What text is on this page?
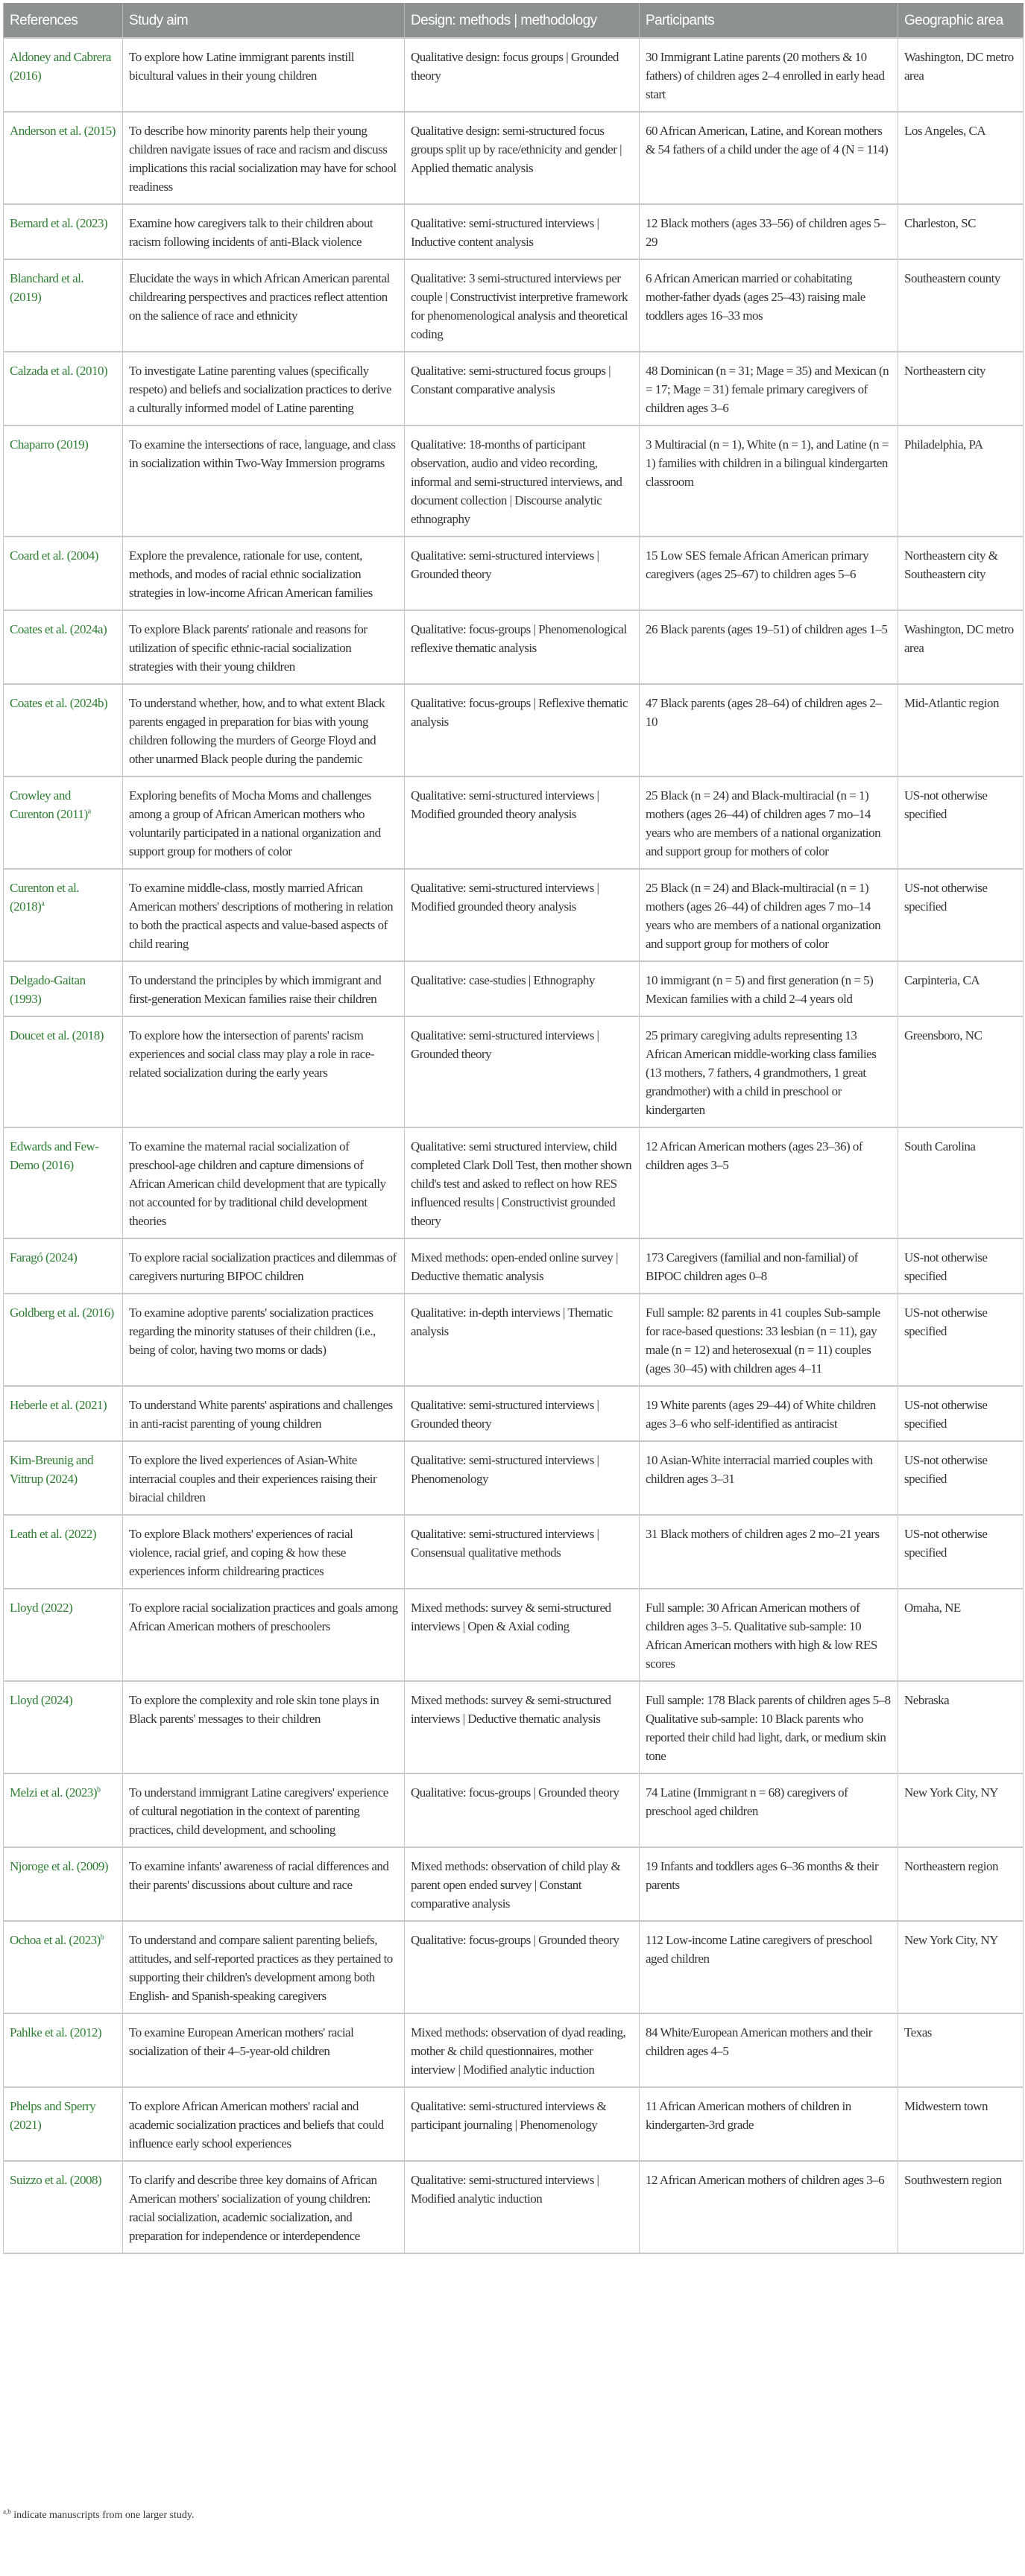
References	Study aim	Design: methods | methodology	Participants	Geographic area
Aldoney and Cabrera (2016)	To explore how Latine immigrant parents instill bicultural values in their young children	Qualitative design: focus groups | Grounded theory	30 Immigrant Latine parents (20 mothers & 10 fathers) of children ages 2–4 enrolled in early head start	Washington, DC metro area
Anderson et al. (2015)	To describe how minority parents help their young children navigate issues of race and racism and discuss implications this racial socialization may have for school readiness	Qualitative design: semi-structured focus groups split up by race/ethnicity and gender | Applied thematic analysis	60 African American, Latine, and Korean mothers & 54 fathers of a child under the age of 4 (N = 114)	Los Angeles, CA
Bernard et al. (2023)	Examine how caregivers talk to their children about racism following incidents of anti-Black violence	Qualitative: semi-structured interviews | Inductive content analysis	12 Black mothers (ages 33–56) of children ages 5–29	Charleston, SC
Blanchard et al. (2019)	Elucidate the ways in which African American parental childrearing perspectives and practices reflect attention on the salience of race and ethnicity	Qualitative: 3 semi-structured interviews per couple | Constructivist interpretive framework for phenomenological analysis and theoretical coding	6 African American married or cohabitating mother-father dyads (ages 25–43) raising male toddlers ages 16–33 mos	Southeastern county
Calzada et al. (2010)	To investigate Latine parenting values (specifically respeto) and beliefs and socialization practices to derive a culturally informed model of Latine parenting	Qualitative: semi-structured focus groups | Constant comparative analysis	48 Dominican (n = 31; Mage = 35) and Mexican (n = 17; Mage = 31) female primary caregivers of children ages 3–6	Northeastern city
Chaparro (2019)	To examine the intersections of race, language, and class in socialization within Two-Way Immersion programs	Qualitative: 18-months of participant observation, audio and video recording, informal and semi-structured interviews, and document collection | Discourse analytic ethnography	3 Multiracial (n = 1), White (n = 1), and Latine (n = 1) families with children in a bilingual kindergarten classroom	Philadelphia, PA
Coard et al. (2004)	Explore the prevalence, rationale for use, content, methods, and modes of racial ethnic socialization strategies in low-income African American families	Qualitative: semi-structured interviews | Grounded theory	15 Low SES female African American primary caregivers (ages 25–67) to children ages 5–6	Northeastern city & Southeastern city
Coates et al. (2024a)	To explore Black parents' rationale and reasons for utilization of specific ethnic-racial socialization strategies with their young children	Qualitative: focus-groups | Phenomenological reflexive thematic analysis	26 Black parents (ages 19–51) of children ages 1–5	Washington, DC metro area
Coates et al. (2024b)	To understand whether, how, and to what extent Black parents engaged in preparation for bias with young children following the murders of George Floyd and other unarmed Black people during the pandemic	Qualitative: focus-groups | Reflexive thematic analysis	47 Black parents (ages 28–64) of children ages 2–10	Mid-Atlantic region
Crowley and Curenton $(2011)^a$	Exploring benefits of Mocha Moms and challenges among a group of African American mothers who voluntarily participated in a national organization and support group for mothers of color	Qualitative: semi-structured interviews | Modified grounded theory analysis	25 Black (n = 24) and Black-multiracial (n = 1) mothers (ages 26–44) of children ages 7 mo–14 years who are members of a national organization and support group for mothers of color	US-not otherwise specified
Curenton et al. $(2018)^a$	To examine middle-class, mostly married African American mothers' descriptions of mothering in relation to both the practical aspects and value-based aspects of child rearing	Qualitative: semi-structured interviews | Modified grounded theory analysis	25 Black (n = 24) and Black-multiracial (n = 1) mothers (ages 26–44) of children ages 7 mo–14 years who are members of a national organization and support group for mothers of color	US-not otherwise specified
Delgado-Gaitan (1993)	To understand the principles by which immigrant and first-generation Mexican families raise their children	Qualitative: case-studies | Ethnography	10 immigrant (n = 5) and first generation (n = 5) Mexican families with a child 2–4 years old	Carpinteria, CA
Doucet et al. (2018)	To explore how the intersection of parents' racism experiences and social class may play a role in race-related socialization during the early years	Qualitative: semi-structured interviews | Grounded theory	25 primary caregiving adults representing 13 African American middle-working class families (13 mothers, 7 fathers, 4 grandmothers, 1 great grandmother) with a child in preschool or kindergarten	Greensboro, NC
Edwards and Few-Demo (2016)	To examine the maternal racial socialization of preschool-age children and capture dimensions of African American child development that are typically not accounted for by traditional child development theories	Qualitative: semi structured interview, child completed Clark Doll Test, then mother shown child's test and asked to reflect on how RES influenced results | Constructivist grounded theory	12 African American mothers (ages 23–36) of children ages 3–5	South Carolina
Faragó (2024)	To explore racial socialization practices and dilemmas of caregivers nurturing BIPOC children	Mixed methods: open-ended online survey | Deductive thematic analysis	173 Caregivers (familial and non-familial) of BIPOC children ages 0–8	US-not otherwise specified
Goldberg et al. (2016)	To examine adoptive parents' socialization practices regarding the minority statuses of their children (i.e., being of color, having two moms or dads)	Qualitative: in-depth interviews | Thematic analysis	Full sample: 82 parents in 41 couples Sub-sample for race-based questions: 33 lesbian (n = 11), gay male (n = 12) and heterosexual (n = 11) couples (ages 30–45) with children ages 4–11	US-not otherwise specified
Heberle et al. (2021)	To understand White parents' aspirations and challenges in anti-racist parenting of young children	Qualitative: semi-structured interviews | Grounded theory	19 White parents (ages 29–44) of White children ages 3–6 who self-identified as antiracist	US-not otherwise specified
Kim-Breunig and Vittrup (2024)	To explore the lived experiences of Asian-White interracial couples and their experiences raising their biracial children	Qualitative: semi-structured interviews | Phenomenology	10 Asian-White interracial married couples with children ages 3–31	US-not otherwise specified
Leath et al. (2022)	To explore Black mothers' experiences of racial violence, racial grief, and coping & how these experiences inform childrearing practices	Qualitative: semi-structured interviews | Consensual qualitative methods	31 Black mothers of children ages 2 mo–21 years	US-not otherwise specified
Lloyd (2022)	To explore racial socialization practices and goals among African American mothers of preschoolers	Mixed methods: survey & semi-structured interviews | Open & Axial coding	Full sample: 30 African American mothers of children ages 3–5. Qualitative sub-sample: 10 African American mothers with high & low RES scores	Omaha, NE
Lloyd (2024)	To explore the complexity and role skin tone plays in Black parents' messages to their children	Mixed methods: survey & semi-structured interviews | Deductive thematic analysis	Full sample: 178 Black parents of children ages 5–8 Qualitative sub-sample: 10 Black parents who reported their child had light, dark, or medium skin tone	Nebraska
Melzi et al. $(2023)^b$	To understand immigrant Latine caregivers' experience of cultural negotiation in the context of parenting practices, child development, and schooling	Qualitative: focus-groups | Grounded theory	74 Latine (Immigrant n = 68) caregivers of preschool aged children	New York City, NY
Njoroge et al. (2009)	To examine infants' awareness of racial differences and their parents' discussions about culture and race	Mixed methods: observation of child play & parent open ended survey | Constant comparative analysis	19 Infants and toddlers ages 6–36 months & their parents	Northeastern region
Ochoa et al. $(2023)^b$	To understand and compare salient parenting beliefs, attitudes, and self-reported practices as they pertained to supporting their children's development among both English- and Spanish-speaking caregivers	Qualitative: focus-groups | Grounded theory	112 Low-income Latine caregivers of preschool aged children	New York City, NY
Pahlke et al. (2012)	To examine European American mothers' racial socialization of their 4–5-year-old children	Mixed methods: observation of dyad reading, mother & child questionnaires, mother interview | Modified analytic induction	84 White/European American mothers and their children ages 4–5	Texas
Phelps and Sperry (2021)	To explore African American mothers' racial and academic socialization practices and beliefs that could influence early school experiences	Qualitative: semi-structured interviews & participant journaling | Phenomenology	11 African American mothers of children in kindergarten-3rd grade	Midwestern town
Suizzo et al. (2008)	To clarify and describe three key domains of African American mothers' socialization of young children: racial socialization, academic socialization, and preparation for independence or interdependence	Qualitative: semi-structured interviews | Modified analytic induction	12 African American mothers of children ages 3–6	Southwestern region
$^{a,b}$ indicate manuscripts from one larger study.
